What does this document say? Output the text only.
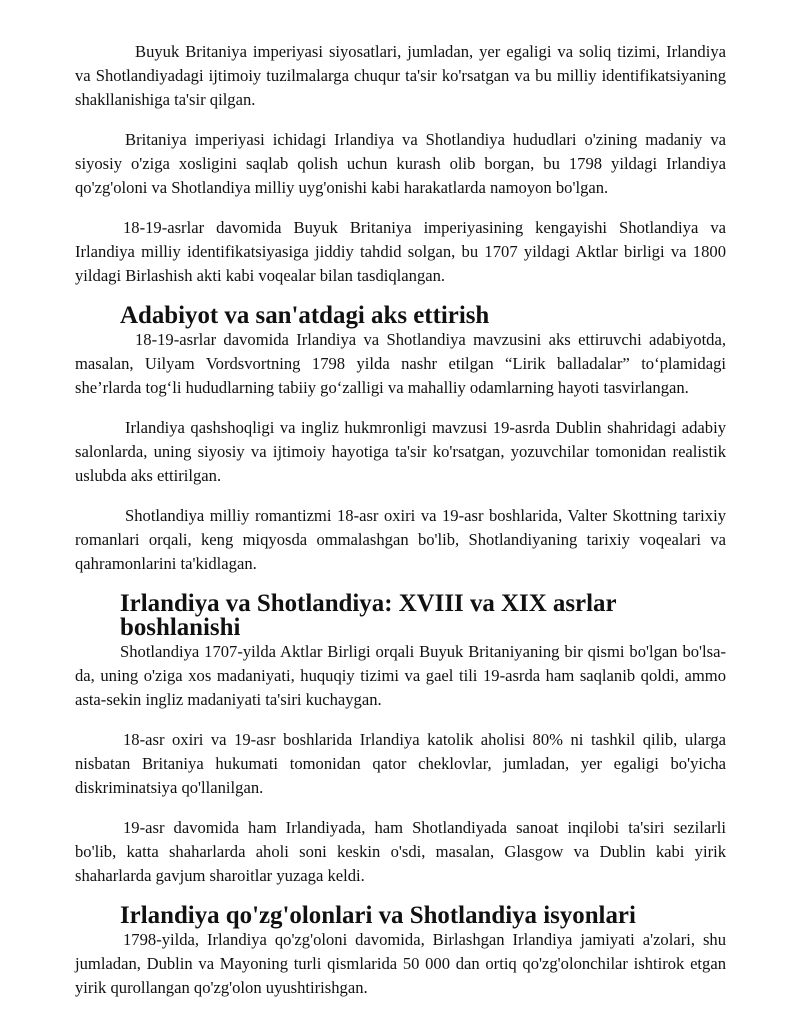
Buyuk Britaniya imperiyasi siyosatlari, jumladan, yer egaligi va soliq tizimi, Irlandiya va Shotlandiyadagi ijtimoiy tuzilmalarga chuqur ta'sir ko'rsatgan va bu milliy identifikatsiyaning shakllanishiga ta'sir qilgan.

Britaniya imperiyasi ichidagi Irlandiya va Shotlandiya hududlari o'zining madaniy va siyosiy o'ziga xosligini saqlab qolish uchun kurash olib borgan, bu 1798 yildagi Irlandiya qo'zg'oloni va Shotlandiya milliy uyg'onishi kabi harakatlarda namoyon bo'lgan.

18-19-asrlar davomida Buyuk Britaniya imperiyasining kengayishi Shotlandiya va Irlandiya milliy identifikatsiyasiga jiddiy tahdid solgan, bu 1707 yildagi Aktlar birligi va 1800 yildagi Birlashish akti kabi voqealar bilan tasdiqlangan.

Adabiyot va san'atdagi aks ettirish

18-19-asrlar davomida Irlandiya va Shotlandiya mavzusini aks ettiruvchi adabiyotda, masalan, Uilyam Vordsvortning 1798 yilda nashr etilgan “Lirik balladalar” to‘plamidagi she’rlarda tog‘li hududlarning tabiiy go‘zalligi va mahalliy odamlarning hayoti tasvirlangan.

Irlandiya qashshoqligi va ingliz hukmronligi mavzusi 19-asrda Dublin shahridagi adabiy salonlarda, uning siyosiy va ijtimoiy hayotiga ta'sir ko'rsatgan, yozuvchilar tomonidan realistik uslubda aks ettirilgan.

Shotlandiya milliy romantizmi 18-asr oxiri va 19-asr boshlarida, Valter Skottning tarixiy romanlari orqali, keng miqyosda ommalashgan bo'lib, Shotlandiyaning tarixiy voqealari va qahramonlarini ta'kidlagan.

Irlandiya va Shotlandiya: XVIII va XIX asrlar boshlanishi

Shotlandiya 1707-yilda Aktlar Birligi orqali Buyuk Britaniyaning bir qismi bo'lgan bo'lsa-da, uning o'ziga xos madaniyati, huquqiy tizimi va gael tili 19-asrda ham saqlanib qoldi, ammo asta-sekin ingliz madaniyati ta'siri kuchaygan.

18-asr oxiri va 19-asr boshlarida Irlandiya katolik aholisi 80% ni tashkil qilib, ularga nisbatan Britaniya hukumati tomonidan qator cheklovlar, jumladan, yer egaligi bo'yicha diskriminatsiya qo'llanilgan.

19-asr davomida ham Irlandiyada, ham Shotlandiyada sanoat inqilobi ta'siri sezilarli bo'lib, katta shaharlarda aholi soni keskin o'sdi, masalan, Glasgow va Dublin kabi yirik shaharlarda gavjum sharoitlar yuzaga keldi.

Irlandiya qo'zg'olonlari va Shotlandiya isyonlari

1798-yilda, Irlandiya qo'zg'oloni davomida, Birlashgan Irlandiya jamiyati a'zolari, shu jumladan, Dublin va Mayoning turli qismlarida 50 000 dan ortiq qo'zg'olonchilar ishtirok etgan yirik qurollangan qo'zg'olon uyushtirishgan.
